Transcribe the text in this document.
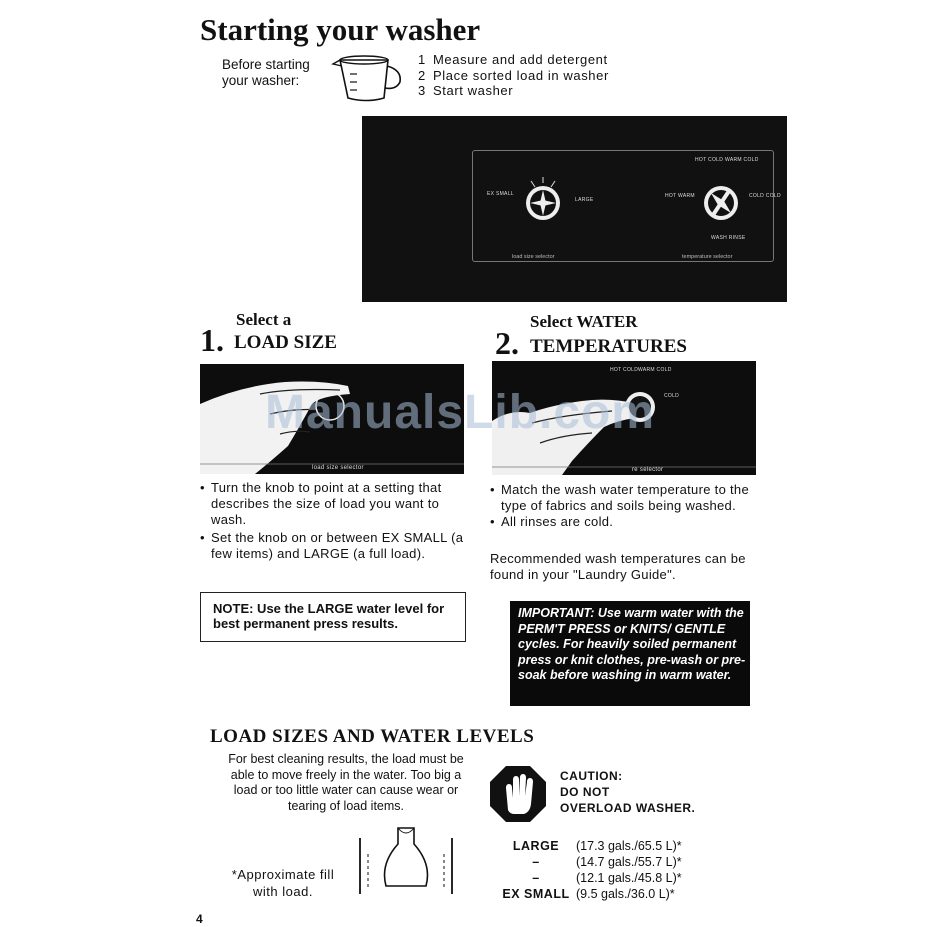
Starting your washer
Before starting your washer:
1 Measure and add detergent
2 Place sorted load in washer
3 Start washer
EX SMALL
LARGE
HOT COLD WARM COLD
HOT WARM	COLD COLD
WASH RINSE
load size selector	temperature selector
Select a
1. LOAD SIZE
Select WATER
2. TEMPERATURES
load size selector
HOT COLD WARM COLD
COLD
re selector
• Turn the knob to point at a setting that describes the size of load you want to wash.
• Set the knob on or between EX SMALL (a few items) and LARGE (a full load).
NOTE: Use the LARGE water level for best permanent press results.
• Match the wash water temperature to the type of fabrics and soils being washed.
• All rinses are cold.
Recommended wash temperatures can be found in your "Laundry Guide".
IMPORTANT: Use warm water with the PERM'T PRESS or KNITS/ GENTLE cycles. For heavily soiled permanent press or knit clothes, pre-wash or pre-soak before washing in warm water.
LOAD SIZES AND WATER LEVELS
For best cleaning results, the load must be able to move freely in the water. Too big a load or too little water can cause wear or tearing of load items.
*Approximate fill with load.
CAUTION:
DO NOT
OVERLOAD WASHER.
LARGE	(17.3 gals./65.5 L)*
–	(14.7 gals./55.7 L)*
–	(12.1 gals./45.8 L)*
EX SMALL (9.5 gals./36.0 L)*
4
ManualsLib.com
